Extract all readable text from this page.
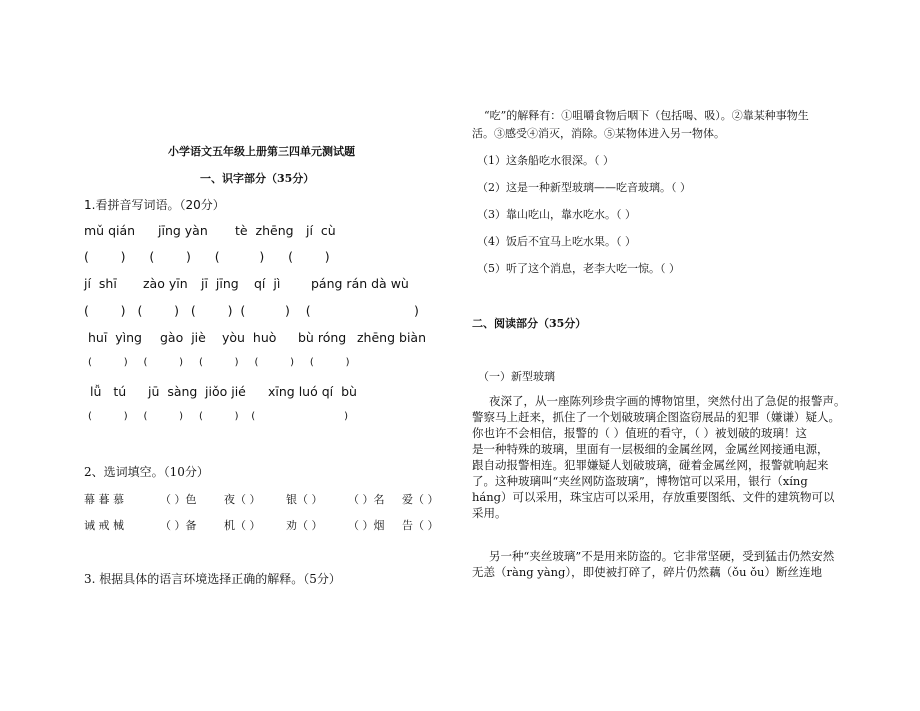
小学语文五年级上册第三四单元测试题
一、识字部分（35分）
1.看拼音写词语。（20分）
mǔ qián jīng yàn tè  zhēng jí  cù
(        )      (        )      (          )      (        )
jí  shī zào yīn jī  jīng qí  jì páng rán dà wù
(        )   (        )   (        )  (          )    (                          )
huī  yìng gào  jiè yòu  huò bù róng zhēng biàn
(          )     (          )     (          )     (          )     (          )
lǚ   tú jū  sàng jiǒo jié xīng luó qí  bù
(          )     (          )     (          )    (                            )
2、选词填空。（10分）
幕 暮 慕	（ ）色	夜（ ） 银（ ） （ ）名 爱（ ）
诫 戒 械	（ ）备	机（ ） 劝（ ） （ ）烟 告（ ）
3. 根据具体的语言环境选择正确的解释。（5分）
“吃”的解释有：①咀嚼食物后咽下（包括喝、吸）。②靠某种事物生
活。③感受④消灭，消除。⑤某物体进入另一物体。
（1）这条船吃水很深。（ ）
（2）这是一种新型玻璃——吃音玻璃。（ ）
（3）靠山吃山，靠水吃水。（ ）
（4）饭后不宜马上吃水果。（ ）
（5）听了这个消息，老李大吃一惊。（ ）
二、阅读部分（35分）
（一）新型玻璃
夜深了，从一座陈列珍贵字画的博物馆里，突然付出了急促的报警声。
警察马上赶来，抓住了一个划破玻璃企图盗窃展品的犯罪（嫌谦）疑人。
你也许不会相信，报警的（ ）值班的看守，（ ）被划破的玻璃！这
是一种特殊的玻璃，里面有一层极细的金属丝网，金属丝网接通电源，
跟自动报警相连。犯罪嫌疑人划破玻璃，碰着金属丝网，报警就响起来
了。这种玻璃叫“夹丝网防盗玻璃”，博物馆可以采用，银行（xíng
háng）可以采用，珠宝店可以采用，存放重要图纸、文件的建筑物可以
采用。
另一种“夹丝玻璃”不是用来防盗的。它非常坚硬，受到猛击仍然安然
无恙（ràng yàng），即使被打碎了，碎片仍然藕（ǒu ǒu）断丝连地
